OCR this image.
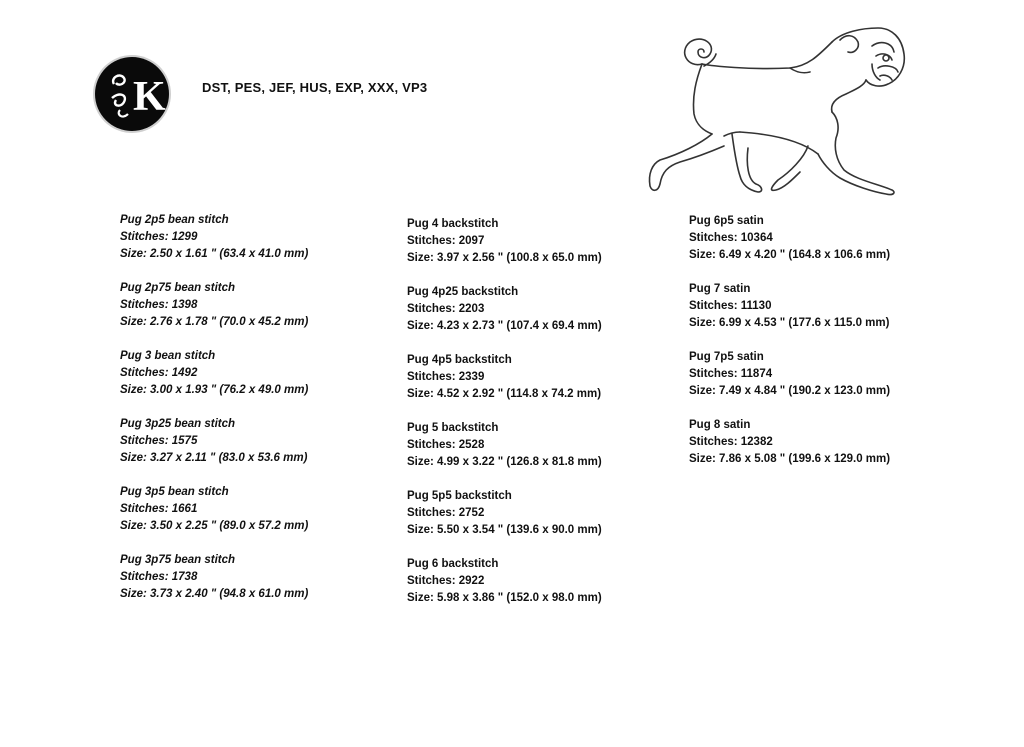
K	DST, PES, JEF, HUS, EXP, XXX, VP3
Pug 2p5 bean stitch
Stitches: 1299
Size: 2.50 x 1.61 " (63.4 x 41.0 mm)
Pug 2p75 bean stitch
Stitches: 1398
Size: 2.76 x 1.78 " (70.0 x 45.2 mm)
Pug 3 bean stitch
Stitches: 1492
Size: 3.00 x 1.93 " (76.2 x 49.0 mm)
Pug 3p25 bean stitch
Stitches: 1575
Size: 3.27 x 2.11 " (83.0 x 53.6 mm)
Pug 3p5 bean stitch
Stitches: 1661
Size: 3.50 x 2.25 " (89.0 x 57.2 mm)
Pug 3p75 bean stitch
Stitches: 1738
Size: 3.73 x 2.40 " (94.8 x 61.0 mm)
Pug 4 backstitch
Stitches: 2097
Size: 3.97 x 2.56 " (100.8 x 65.0 mm)
Pug 4p25 backstitch
Stitches: 2203
Size: 4.23 x 2.73 " (107.4 x 69.4 mm)
Pug 4p5 backstitch
Stitches: 2339
Size: 4.52 x 2.92 " (114.8 x 74.2 mm)
Pug 5 backstitch
Stitches: 2528
Size: 4.99 x 3.22 " (126.8 x 81.8 mm)
Pug 5p5 backstitch
Stitches: 2752
Size: 5.50 x 3.54 " (139.6 x 90.0 mm)
Pug 6 backstitch
Stitches: 2922
Size: 5.98 x 3.86 " (152.0 x 98.0 mm)
Pug 6p5 satin
Stitches: 10364
Size: 6.49 x 4.20 " (164.8 x 106.6 mm)
Pug 7 satin
Stitches: 11130
Size: 6.99 x 4.53 " (177.6 x 115.0 mm)
Pug 7p5 satin
Stitches: 11874
Size: 7.49 x 4.84 " (190.2 x 123.0 mm)
Pug 8 satin
Stitches: 12382
Size: 7.86 x 5.08 " (199.6 x 129.0 mm)
